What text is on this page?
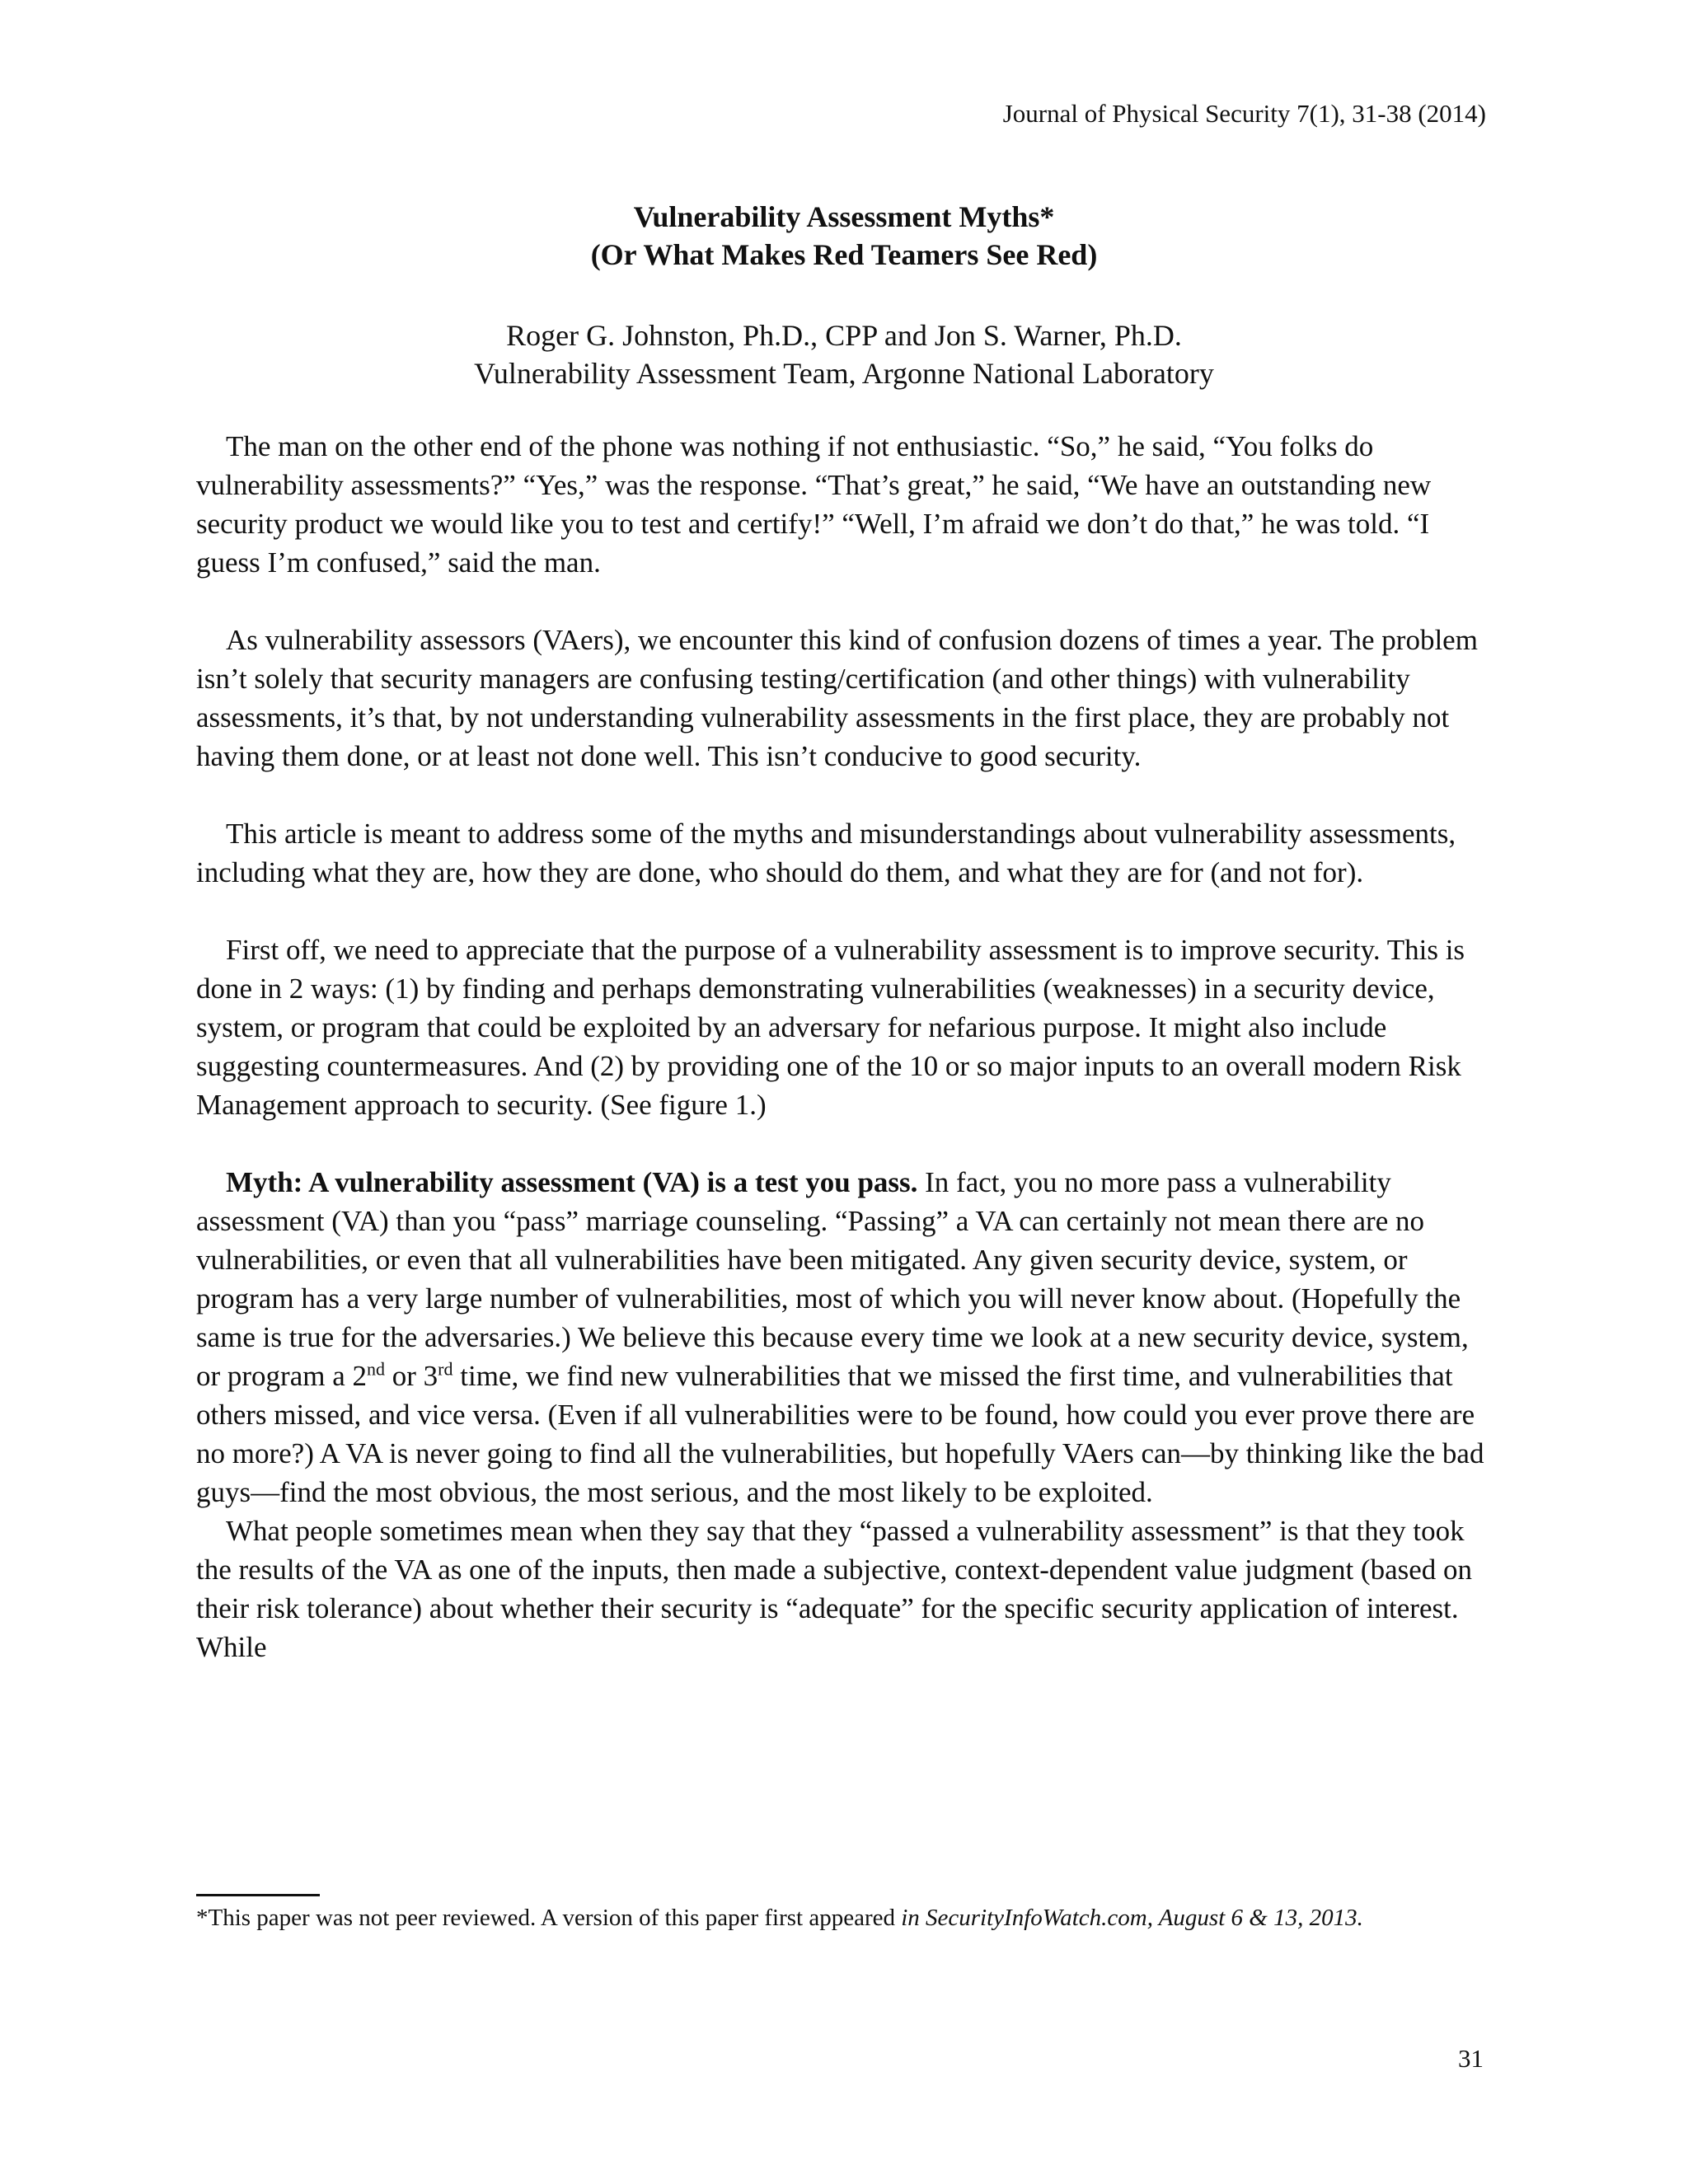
Journal of Physical Security 7(1), 31-38 (2014)
Vulnerability Assessment Myths*
(Or What Makes Red Teamers See Red)
Roger G. Johnston, Ph.D., CPP and Jon S. Warner, Ph.D.
Vulnerability Assessment Team, Argonne National Laboratory

The man on the other end of the phone was nothing if not enthusiastic. “So,” he said, “You folks do vulnerability assessments?” “Yes,” was the response. “That’s great,” he said, “We have an outstanding new security product we would like you to test and certify!” “Well, I’m afraid we don’t do that,” he was told. “I guess I’m confused,” said the man.

As vulnerability assessors (VAers), we encounter this kind of confusion dozens of times a year. The problem isn’t solely that security managers are confusing testing/certification (and other things) with vulnerability assessments, it’s that, by not understanding vulnerability assessments in the first place, they are probably not having them done, or at least not done well. This isn’t conducive to good security.

This article is meant to address some of the myths and misunderstandings about vulnerability assessments, including what they are, how they are done, who should do them, and what they are for (and not for).

First off, we need to appreciate that the purpose of a vulnerability assessment is to improve security. This is done in 2 ways: (1) by finding and perhaps demonstrating vulnerabilities (weaknesses) in a security device, system, or program that could be exploited by an adversary for nefarious purpose. It might also include suggesting countermeasures. And (2) by providing one of the 10 or so major inputs to an overall modern Risk Management approach to security. (See figure 1.)

Myth: A vulnerability assessment (VA) is a test you pass. In fact, you no more pass a vulnerability assessment (VA) than you “pass” marriage counseling. “Passing” a VA can certainly not mean there are no vulnerabilities, or even that all vulnerabilities have been mitigated. Any given security device, system, or program has a very large number of vulnerabilities, most of which you will never know about. (Hopefully the same is true for the adversaries.) We believe this because every time we look at a new security device, system, or program a 2nd or 3rd time, we find new vulnerabilities that we missed the first time, and vulnerabilities that others missed, and vice versa. (Even if all vulnerabilities were to be found, how could you ever prove there are no more?) A VA is never going to find all the vulnerabilities, but hopefully VAers can—by thinking like the bad guys—find the most obvious, the most serious, and the most likely to be exploited.

What people sometimes mean when they say that they “passed a vulnerability assessment” is that they took the results of the VA as one of the inputs, then made a subjective, context-dependent value judgment (based on their risk tolerance) about whether their security is “adequate” for the specific security application of interest. While

*This paper was not peer reviewed. A version of this paper first appeared in SecurityInfoWatch.com, August 6 & 13, 2013.
31
